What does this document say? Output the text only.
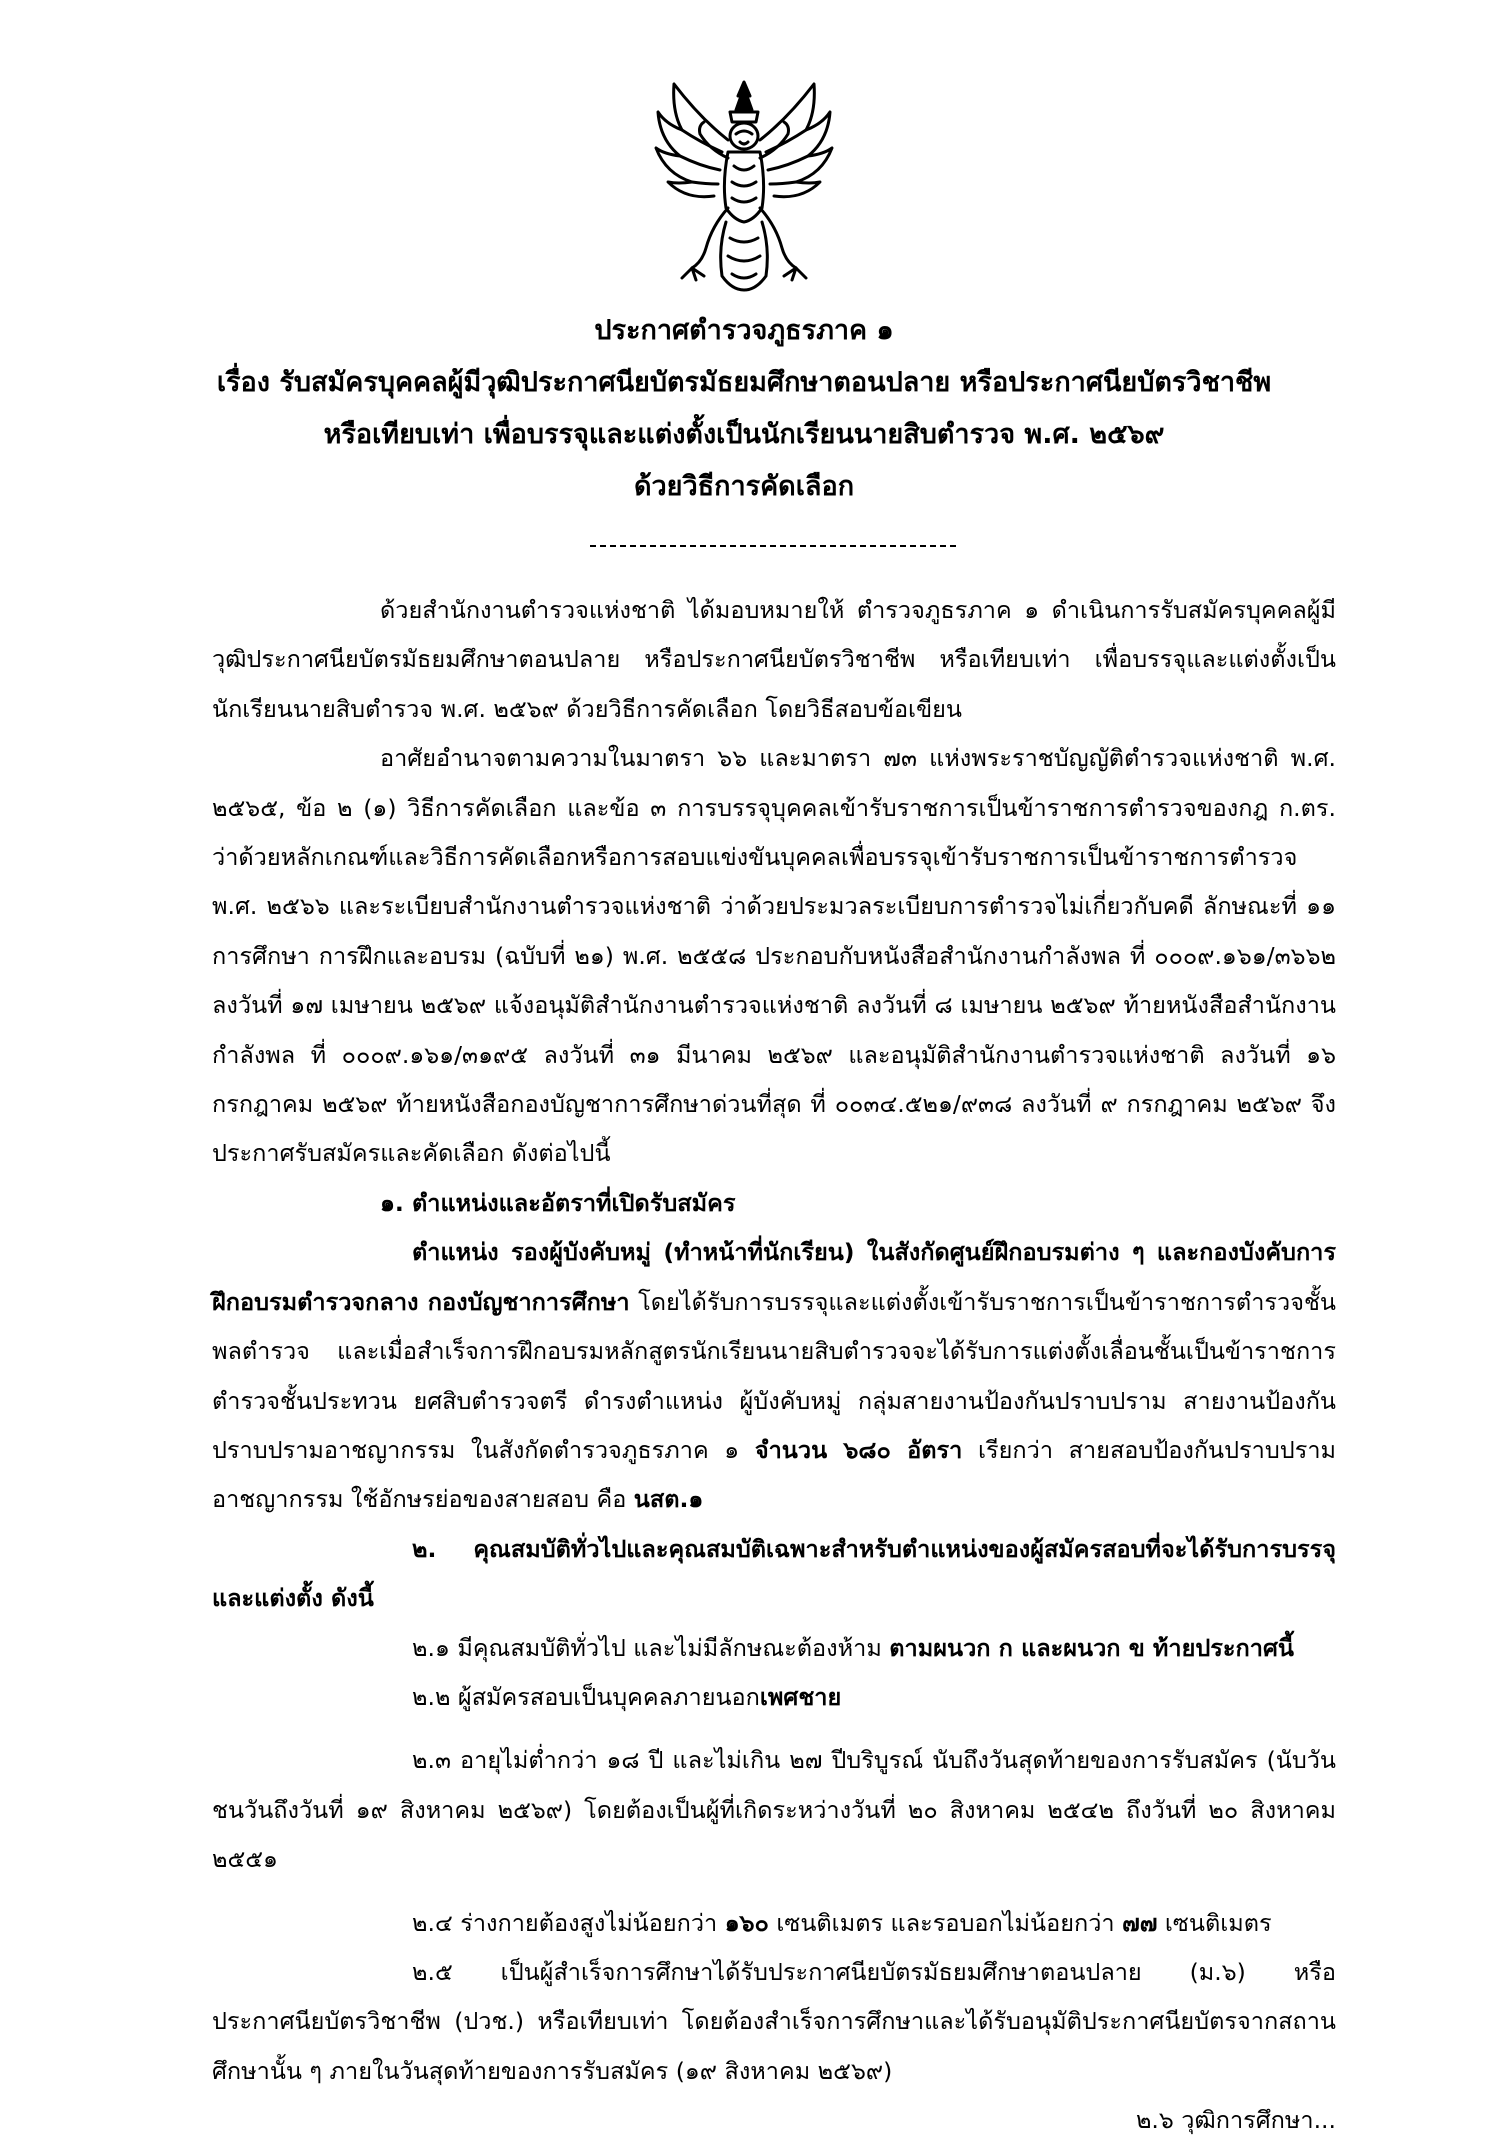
ประกาศตำรวจภูธรภาค ๑
เรื่อง รับสมัครบุคคลผู้มีวุฒิประกาศนียบัตรมัธยมศึกษาตอนปลาย หรือประกาศนียบัตรวิชาชีพ
หรือเทียบเท่า เพื่อบรรจุและแต่งตั้งเป็นนักเรียนนายสิบตำรวจ พ.ศ. ๒๕๖๙
ด้วยวิธีการคัดเลือก

ด้วยสำนักงานตำรวจแห่งชาติ ได้มอบหมายให้ ตำรวจภูธรภาค ๑ ดำเนินการรับสมัครบุคคลผู้มีวุฒิประกาศนียบัตรมัธยมศึกษาตอนปลาย หรือประกาศนียบัตรวิชาชีพ หรือเทียบเท่า เพื่อบรรจุและแต่งตั้งเป็นนักเรียนนายสิบตำรวจ พ.ศ. ๒๕๖๙ ด้วยวิธีการคัดเลือก โดยวิธีสอบข้อเขียน

อาศัยอำนาจตามความในมาตรา ๖๖ และมาตรา ๗๓ แห่งพระราชบัญญัติตำรวจแห่งชาติ พ.ศ. ๒๕๖๕, ข้อ ๒ (๑) วิธีการคัดเลือก และข้อ ๓ การบรรจุบุคคลเข้ารับราชการเป็นข้าราชการตำรวจของกฎ ก.ตร. ว่าด้วยหลักเกณฑ์และวิธีการคัดเลือกหรือการสอบแข่งขันบุคคลเพื่อบรรจุเข้ารับราชการเป็นข้าราชการตำรวจ พ.ศ. ๒๕๖๖ และระเบียบสำนักงานตำรวจแห่งชาติ ว่าด้วยประมวลระเบียบการตำรวจไม่เกี่ยวกับคดี ลักษณะที่ ๑๑ การศึกษา การฝึกและอบรม (ฉบับที่ ๒๑) พ.ศ. ๒๕๕๘ ประกอบกับหนังสือสำนักงานกำลังพล ที่ ๐๐๐๙.๑๖๑/๓๖๖๒ ลงวันที่ ๑๗ เมษายน ๒๕๖๙ แจ้งอนุมัติสำนักงานตำรวจแห่งชาติ ลงวันที่ ๘ เมษายน ๒๕๖๙ ท้ายหนังสือสำนักงานกำลังพล ที่ ๐๐๐๙.๑๖๑/๓๑๙๕ ลงวันที่ ๓๑ มีนาคม ๒๕๖๙ และอนุมัติสำนักงานตำรวจแห่งชาติ ลงวันที่ ๑๖ กรกฎาคม ๒๕๖๙ ท้ายหนังสือกองบัญชาการศึกษาด่วนที่สุด ที่ ๐๐๓๔.๕๒๑/๙๓๘ ลงวันที่ ๙ กรกฎาคม ๒๕๖๙ จึงประกาศรับสมัครและคัดเลือก ดังต่อไปนี้

๑. ตำแหน่งและอัตราที่เปิดรับสมัคร

ตำแหน่ง รองผู้บังคับหมู่ (ทำหน้าที่นักเรียน) ในสังกัดศูนย์ฝึกอบรมต่าง ๆ และกองบังคับการฝึกอบรมตำรวจกลาง กองบัญชาการศึกษา โดยได้รับการบรรจุและแต่งตั้งเข้ารับราชการเป็นข้าราชการตำรวจชั้นพลตำรวจ และเมื่อสำเร็จการฝึกอบรมหลักสูตรนักเรียนนายสิบตำรวจจะได้รับการแต่งตั้งเลื่อนชั้นเป็นข้าราชการตำรวจชั้นประทวน ยศสิบตำรวจตรี ดำรงตำแหน่ง ผู้บังคับหมู่ กลุ่มสายงานป้องกันปราบปราม สายงานป้องกันปราบปรามอาชญากรรม ในสังกัดตำรวจภูธรภาค ๑ จำนวน ๖๘๐ อัตรา เรียกว่า สายสอบป้องกันปราบปรามอาชญากรรม ใช้อักษรย่อของสายสอบ คือ นสต.๑

๒. คุณสมบัติทั่วไปและคุณสมบัติเฉพาะสำหรับตำแหน่งของผู้สมัครสอบที่จะได้รับการบรรจุและแต่งตั้ง ดังนี้

๒.๑ มีคุณสมบัติทั่วไป และไม่มีลักษณะต้องห้าม ตามผนวก ก และผนวก ข ท้ายประกาศนี้

๒.๒ ผู้สมัครสอบเป็นบุคคลภายนอกเพศชาย

๒.๓ อายุไม่ต่ำกว่า ๑๘ ปี และไม่เกิน ๒๗ ปีบริบูรณ์ นับถึงวันสุดท้ายของการรับสมัคร (นับวันชนวันถึงวันที่ ๑๙ สิงหาคม ๒๕๖๙) โดยต้องเป็นผู้ที่เกิดระหว่างวันที่ ๒๐ สิงหาคม ๒๕๔๒ ถึงวันที่ ๒๐ สิงหาคม ๒๕๕๑

๒.๔ ร่างกายต้องสูงไม่น้อยกว่า ๑๖๐ เซนติเมตร และรอบอกไม่น้อยกว่า ๗๗ เซนติเมตร

๒.๕ เป็นผู้สำเร็จการศึกษาได้รับประกาศนียบัตรมัธยมศึกษาตอนปลาย (ม.๖) หรือประกาศนียบัตรวิชาชีพ (ปวช.) หรือเทียบเท่า โดยต้องสำเร็จการศึกษาและได้รับอนุมัติประกาศนียบัตรจากสถานศึกษานั้น ๆ ภายในวันสุดท้ายของการรับสมัคร (๑๙ สิงหาคม ๒๕๖๙)

๒.๖ วุฒิการศึกษา...
